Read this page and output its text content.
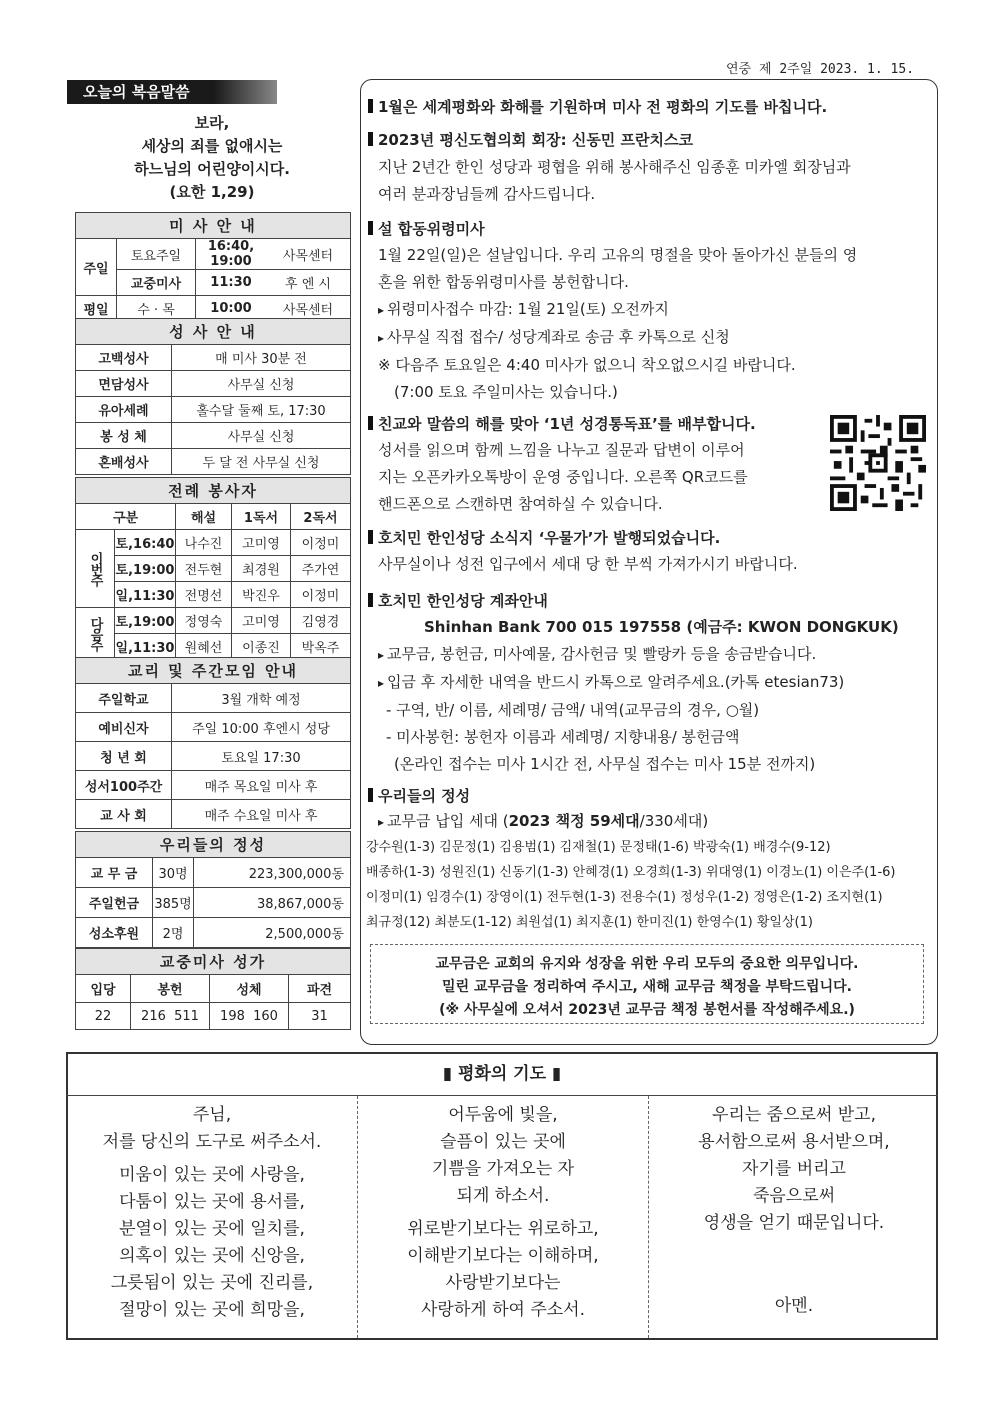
연중 제 2주일 2023. 1. 15.
오늘의 복음말씀
보라,
세상의 죄를 없애시는
하느님의 어린양이시다.
(요한 1,29)
미 사 안 내			
주일	토요주일	16:40, 19:00	사목센터
	교중미사	11:30	후 엔 시
평일	수 · 목	10:00	사목센터
성 사 안 내	
고백성사	매 미사 30분 전
면담성사	사무실 신청
유아세례	홀수달 둘째 토, 17:30
봉 성 체	사무실 신청
혼배성사	두 달 전 사무실 신청
전례 봉사자				
구분		해설	1독서	2독서
이번주	토,16:40	나수진	고미영	이정미
	토,19:00	전두현	최경원	주가연
	일,11:30	전명선	박진우	이정미
다음주	토,19:00	정영숙	고미영	김영경
	일,11:30	원혜선	이종진	박옥주
교리 및 주간모임 안내	
주일학교	3월 개학 예정
예비신자	주일 10:00 후엔시 성당
청 년 회	토요일 17:30
성서100주간	매주 목요일 미사 후
교 사 회	매주 수요일 미사 후
우리들의 정성		
교 무 금	30명	223,300,000동
주일헌금	385명	38,867,000동
성소후원	2명	2,500,000동
교중미사 성가			
입당	봉헌	성체	파견
22	216  511	198  160	31
1월은 세계평화와 화해를 기원하며 미사 전 평화의 기도를 바칩니다.
2023년 평신도협의회 회장: 신동민 프란치스코
지난 2년간 한인 성당과 평협을 위해 봉사해주신 임종훈 미카엘 회장님과
여러 분과장님들께 감사드립니다.
설 합동위령미사
1월 22일(일)은 설날입니다. 우리 고유의 명절을 맞아 돌아가신 분들의 영
혼을 위한 합동위령미사를 봉헌합니다.
▸ 위령미사접수 마감: 1월 21일(토) 오전까지
▸ 사무실 직접 접수/ 성당계좌로 송금 후 카톡으로 신청
※ 다음주 토요일은 4:40 미사가 없으니 착오없으시길 바랍니다.
(7:00 토요 주일미사는 있습니다.)
친교와 말씀의 해를 맞아 ‘1년 성경통독표’를 배부합니다.
성서를 읽으며 함께 느낌을 나누고 질문과 답변이 이루어
지는 오픈카카오톡방이 운영 중입니다. 오른쪽 QR코드를
핸드폰으로 스캔하면 참여하실 수 있습니다.
호치민 한인성당 소식지 ‘우물가’가 발행되었습니다.
사무실이나 성전 입구에서 세대 당 한 부씩 가져가시기 바랍니다.
호치민 한인성당 계좌안내
Shinhan Bank 700 015 197558 (예금주: KWON DONGKUK)
▸ 교무금, 봉헌금, 미사예물, 감사헌금 및 빨랑카 등을 송금받습니다.
▸ 입금 후 자세한 내역을 반드시 카톡으로 알려주세요.(카톡 etesian73)
- 구역, 반/ 이름, 세례명/ 금액/ 내역(교무금의 경우, ○월)
- 미사봉헌: 봉헌자 이름과 세례명/ 지향내용/ 봉헌금액
(온라인 접수는 미사 1시간 전, 사무실 접수는 미사 15분 전까지)
우리들의 정성
▸ 교무금 납입 세대 (2023 책정 59세대/330세대)
강수원(1-3) 김문정(1) 김용범(1) 김재철(1) 문정태(1-6) 박광숙(1) 배경수(9-12)
배종하(1-3) 성원진(1) 신동기(1-3) 안혜경(1) 오경희(1-3) 위대영(1) 이경노(1) 이은주(1-6)
이정미(1) 임경수(1) 장영이(1) 전두현(1-3) 전용수(1) 정성우(1-2) 정영은(1-2) 조지현(1)
최규정(12) 최분도(1-12) 최원섭(1) 최지훈(1) 한미진(1) 한영수(1) 황일상(1)
교무금은 교회의 유지와 성장을 위한 우리 모두의 중요한 의무입니다.
밀린 교무금을 정리하여 주시고, 새해 교무금 책정을 부탁드립니다.
(※ 사무실에 오셔서 2023년 교무금 책정 봉헌서를 작성해주세요.)
▮ 평화의 기도 ▮
주님,
저를 당신의 도구로 써주소서.
미움이 있는 곳에 사랑을,
다툼이 있는 곳에 용서를,
분열이 있는 곳에 일치를,
의혹이 있는 곳에 신앙을,
그릇됨이 있는 곳에 진리를,
절망이 있는 곳에 희망을,
어두움에 빛을,
슬픔이 있는 곳에
기쁨을 가져오는 자
되게 하소서.
위로받기보다는 위로하고,
이해받기보다는 이해하며,
사랑받기보다는
사랑하게 하여 주소서.
우리는 줌으로써 받고,
용서함으로써 용서받으며,
자기를 버리고
죽음으로써
영생을 얻기 때문입니다.
아멘.
